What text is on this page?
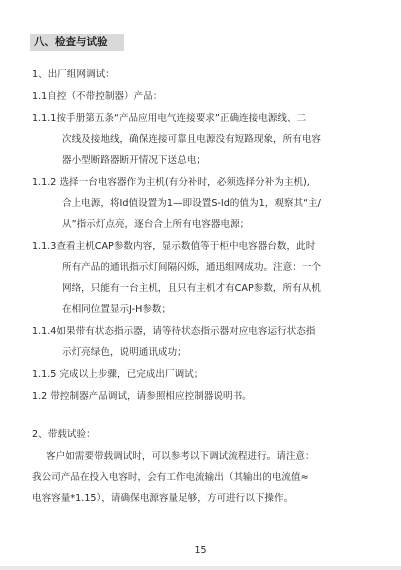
八、检查与试验
1、出厂组网调试：
1.1自控（不带控制器）产品：
1.1.1按手册第五条“产品应用电气连接要求”正确连接电源线、二
次线及接地线，确保连接可靠且电源没有短路现象，所有电容
器小型断路器断开情况下送总电；
1.1.2 选择一台电容器作为主机(有分补时，必须选择分补为主机),
合上电源，将Id值设置为1—即设置S-Id的值为1，观察其“主/
从”指示灯点亮，逐台合上所有电容器电源；
1.1.3查看主机CAP参数内容，显示数值等于柜中电容器台数，此时
所有产品的通讯指示灯间隔闪烁，通迅组网成功。注意：一个
网络，只能有一台主机，且只有主机才有CAP参数，所有从机
在相同位置显示J-H参数；
1.1.4如果带有状态指示器，请等待状态指示器对应电容运行状态指
示灯亮绿色，说明通讯成功；
1.1.5 完成以上步骤，已完成出厂调试；
1.2 带控制器产品调试，请参照相应控制器说明书。
2、带载试验：
客户如需要带载调试时，可以参考以下调试流程进行。请注意：
我公司产品在投入电容时，会有工作电流输出（其输出的电流值≈
电容容量*1.15），请确保电源容量足够，方可进行以下操作。
15
